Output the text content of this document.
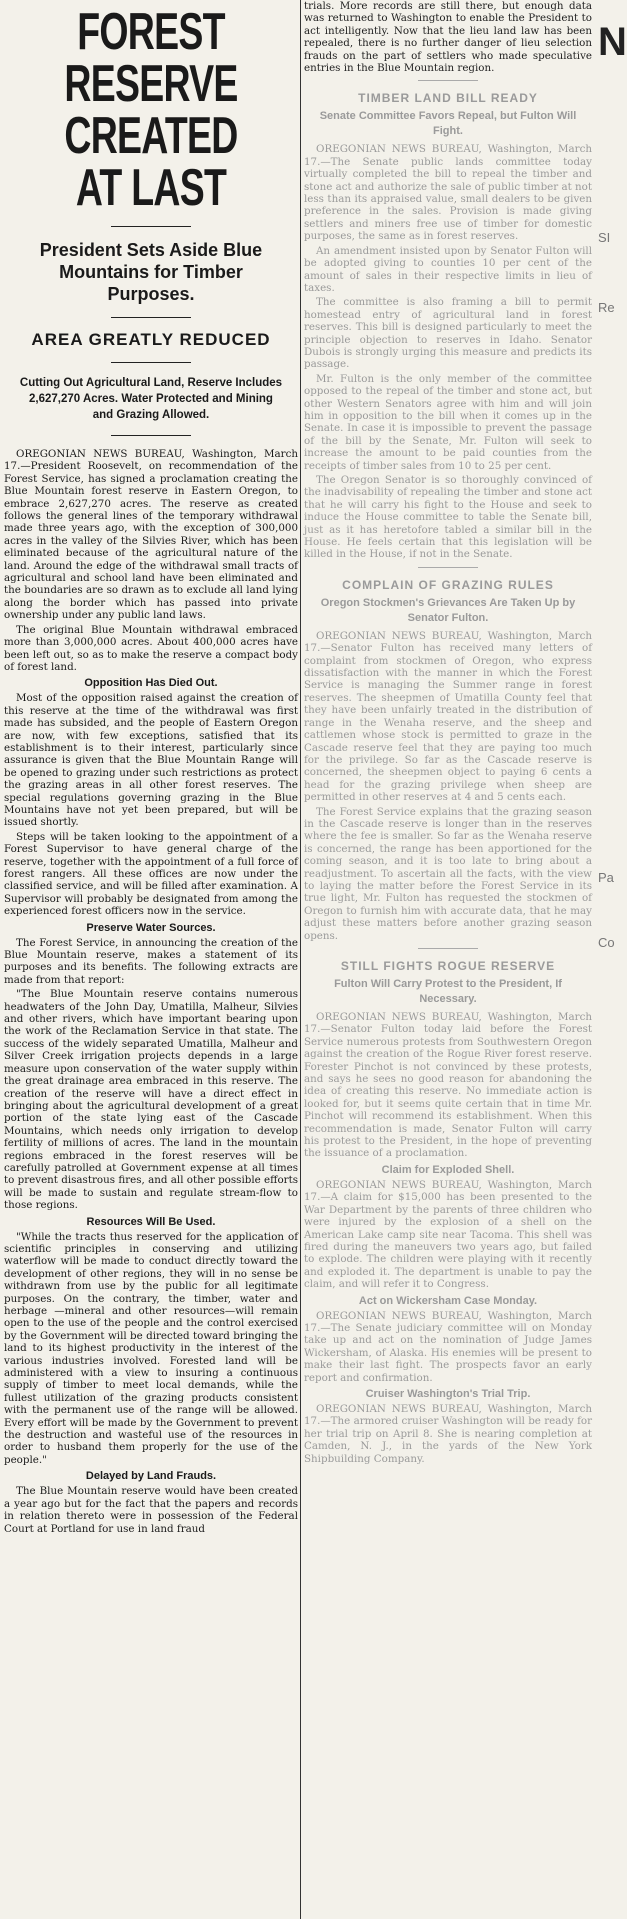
FOREST RESERVE CREATED AT LAST
President Sets Aside Blue Mountains for Timber Purposes.
AREA GREATLY REDUCED
Cutting Out Agricultural Land, Reserve Includes 2,627,270 Acres. Water Protected and Mining and Grazing Allowed.

OREGONIAN NEWS BUREAU, Washington, March 17.—President Roosevelt, on recommendation of the Forest Service, has signed a proclamation creating the Blue Mountain forest reserve in Eastern Oregon, to embrace 2,627,270 acres. The reserve as created follows the general lines of the temporary withdrawal made three years ago, with the exception of 300,000 acres in the valley of the Silvies River, which has been eliminated because of the agricultural nature of the land. Around the edge of the withdrawal small tracts of agricultural and school land have been eliminated and the boundaries are so drawn as to exclude all land lying along the border which has passed into private ownership under any public land laws.

The original Blue Mountain withdrawal embraced more than 3,000,000 acres. About 400,000 acres have been left out, so as to make the reserve a compact body of forest land.

Opposition Has Died Out.

Most of the opposition raised against the creation of this reserve at the time of the withdrawal was first made has subsided, and the people of Eastern Oregon are now, with few exceptions, satisfied that its establishment is to their interest, particularly since assurance is given that the Blue Mountain Range will be opened to grazing under such restrictions as protect the grazing areas in all other forest reserves. The special regulations governing grazing in the Blue Mountains have not yet been prepared, but will be issued shortly.

Steps will be taken looking to the appointment of a Forest Supervisor to have general charge of the reserve, together with the appointment of a full force of forest rangers. All these offices are now under the classified service, and will be filled after examination. A Supervisor will probably be designated from among the experienced forest officers now in the service.

Preserve Water Sources.

The Forest Service, in announcing the creation of the Blue Mountain reserve, makes a statement of its purposes and its benefits. The following extracts are made from that report:

"The Blue Mountain reserve contains numerous headwaters of the John Day, Umatilla, Malheur, Silvies and other rivers, which have important bearing upon the work of the Reclamation Service in that state. The success of the widely separated Umatilla, Malheur and Silver Creek irrigation projects depends in a large measure upon conservation of the water supply within the great drainage area embraced in this reserve. The creation of the reserve will have a direct effect in bringing about the agricultural development of a great portion of the state lying east of the Cascade Mountains, which needs only irrigation to develop fertility of millions of acres. The land in the mountain regions embraced in the forest reserves will be carefully patrolled at Government expense at all times to prevent disastrous fires, and all other possible efforts will be made to sustain and regulate stream-flow to those regions.

Resources Will Be Used.

"While the tracts thus reserved for the application of scientific principles in conserving and utilizing waterflow will be made to conduct directly toward the development of other regions, they will in no sense be withdrawn from use by the public for all legitimate purposes. On the contrary, the timber, water and herbage —mineral and other resources—will remain open to the use of the people and the control exercised by the Government will be directed toward bringing the land to its highest productivity in the interest of the various industries involved. Forested land will be administered with a view to insuring a continuous supply of timber to meet local demands, while the fullest utilization of the grazing products consistent with the permanent use of the range will be allowed. Every effort will be made by the Government to prevent the destruction and wasteful use of the resources in order to husband them properly for the use of the people."

Delayed by Land Frauds.

The Blue Mountain reserve would have been created a year ago but for the fact that the papers and records in relation thereto were in possession of the Federal Court at Portland for use in land fraud

trials. More records are still there, but enough data was returned to Washington to enable the President to act intelligently. Now that the lieu land law has been repealed, there is no further danger of lieu selection frauds on the part of settlers who made speculative entries in the Blue Mountain region.

TIMBER LAND BILL READY
Senate Committee Favors Repeal, but Fulton Will Fight.

OREGONIAN NEWS BUREAU, Washington, March 17.—The Senate public lands committee today virtually completed the bill to repeal the timber and stone act and authorize the sale of public timber at not less than its appraised value, small dealers to be given preference in the sales. Provision is made giving settlers and miners free use of timber for domestic purposes, the same as in forest reserves.

An amendment insisted upon by Senator Fulton will be adopted giving to counties 10 per cent of the amount of sales in their respective limits in lieu of taxes.

The committee is also framing a bill to permit homestead entry of agricultural land in forest reserves. This bill is designed particularly to meet the principle objection to reserves in Idaho. Senator Dubois is strongly urging this measure and predicts its passage.

Mr. Fulton is the only member of the committee opposed to the repeal of the timber and stone act, but other Western Senators agree with him and will join him in opposition to the bill when it comes up in the Senate. In case it is impossible to prevent the passage of the bill by the Senate, Mr. Fulton will seek to increase the amount to be paid counties from the receipts of timber sales from 10 to 25 per cent.

The Oregon Senator is so thoroughly convinced of the inadvisability of repealing the timber and stone act that he will carry his fight to the House and seek to induce the House committee to table the Senate bill, just as it has heretofore tabled a similar bill in the House. He feels certain that this legislation will be killed in the House, if not in the Senate.

COMPLAIN OF GRAZING RULES
Oregon Stockmen's Grievances Are Taken Up by Senator Fulton.

OREGONIAN NEWS BUREAU, Washington, March 17.—Senator Fulton has received many letters of complaint from stockmen of Oregon, who express dissatisfaction with the manner in which the Forest Service is managing the Summer range in forest reserves. The sheepmen of Umatilla County feel that they have been unfairly treated in the distribution of range in the Wenaha reserve, and the sheep and cattlemen whose stock is permitted to graze in the Cascade reserve feel that they are paying too much for the privilege. So far as the Cascade reserve is concerned, the sheepmen object to paying 6 cents a head for the grazing privilege when sheep are permitted in other reserves at 4 and 5 cents each.

The Forest Service explains that the grazing season in the Cascade reserve is longer than in the reserves where the fee is smaller. So far as the Wenaha reserve is concerned, the range has been apportioned for the coming season, and it is too late to bring about a readjustment. To ascertain all the facts, with the view to laying the matter before the Forest Service in its true light, Mr. Fulton has requested the stockmen of Oregon to furnish him with accurate data, that he may adjust these matters before another grazing season opens.

STILL FIGHTS ROGUE RESERVE
Fulton Will Carry Protest to the President, If Necessary.

OREGONIAN NEWS BUREAU, Washington, March 17.—Senator Fulton today laid before the Forest Service numerous protests from Southwestern Oregon against the creation of the Rogue River forest reserve. Forester Pinchot is not convinced by these protests, and says he sees no good reason for abandoning the idea of creating this reserve. No immediate action is looked for, but it seems quite certain that in time Mr. Pinchot will recommend its establishment. When this recommendation is made, Senator Fulton will carry his protest to the President, in the hope of preventing the issuance of a proclamation.

Claim for Exploded Shell.

OREGONIAN NEWS BUREAU, Washington, March 17.—A claim for $15,000 has been presented to the War Department by the parents of three children who were injured by the explosion of a shell on the American Lake camp site near Tacoma. This shell was fired during the maneuvers two years ago, but failed to explode. The children were playing with it recently and exploded it. The department is unable to pay the claim, and will refer it to Congress.

Act on Wickersham Case Monday.

OREGONIAN NEWS BUREAU, Washington, March 17.—The Senate judiciary committee will on Monday take up and act on the nomination of Judge James Wickersham, of Alaska. His enemies will be present to make their last fight. The prospects favor an early report and confirmation.

Cruiser Washington's Trial Trip.

OREGONIAN NEWS BUREAU, Washington, March 17.—The armored cruiser Washington will be ready for her trial trip on April 8. She is nearing completion at Camden, N. J., in the yards of the New York Shipbuilding Company.

N
SI
Re
Pa
Co
